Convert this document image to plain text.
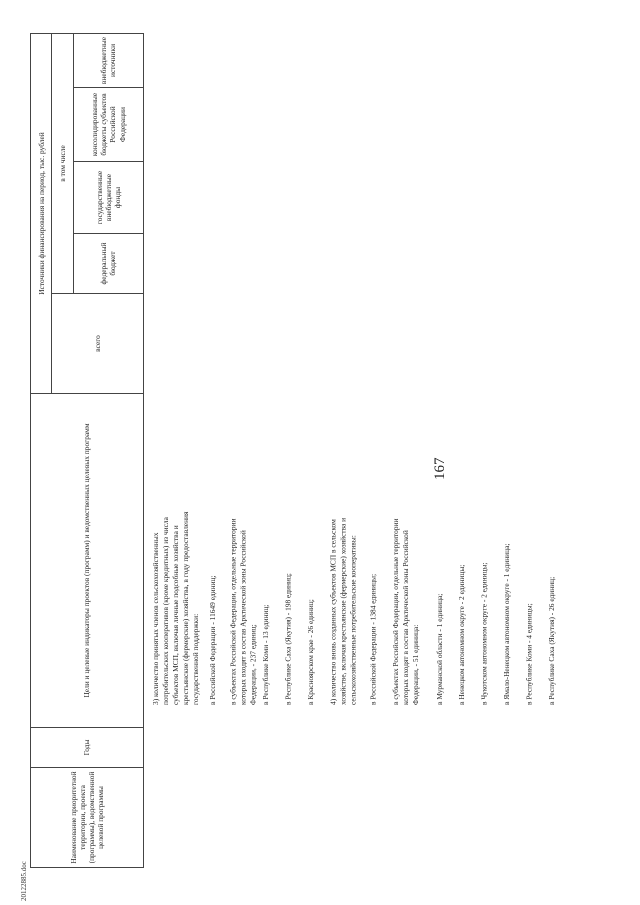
20122885.doc
Наименование приоритетной территории, проекта (программы), ведомственной целевой программы	Годы	Цели и целевые индикаторы проектов (программ) и ведомственных целевых программ	Источники финансирования на период, тыс. рублей				
			всего	в том числе			
				федеральный бюджет	государственные внебюджетные фонды	консолидированные бюджеты субъектов Российской Федерации	внебюджетные источники
167
3) количество принятых членов сельскохозяйственных потребительских кооперативов (кроме кредитных) из числа субъектов МСП, включая личные подсобные хозяйства и крестьянские (фермерские) хозяйства, в году предоставления государственной поддержки: в Российской Федерации - 11649 единиц; в субъектах Российской Федерации, отдельные территории которых входят в состав Арктической зоны Российской Федерации, - 237 единиц; в Республике Коми - 13 единиц; в Республике Саха (Якутия) - 198 единиц; в Красноярском крае - 26 единиц; 4) количество вновь созданных субъектов МСП в сельском хозяйстве, включая крестьянские (фермерские) хозяйства и сельскохозяйственные потребительские кооперативы: в Российской Федерации - 1384 единицы; в субъектах Российской Федерации, отдельные территории которых входят в состав Арктической зоны Российской Федерации, - 51 единица: в Мурманской области - 1 единица; в Ненецком автономном округе - 2 единицы; в Чукотском автономном округе - 2 единицы; в Ямало-Ненецком автономном округе - 1 единица; в Республике Коми - 4 единицы; в Республике Саха (Якутия) - 26 единиц;
